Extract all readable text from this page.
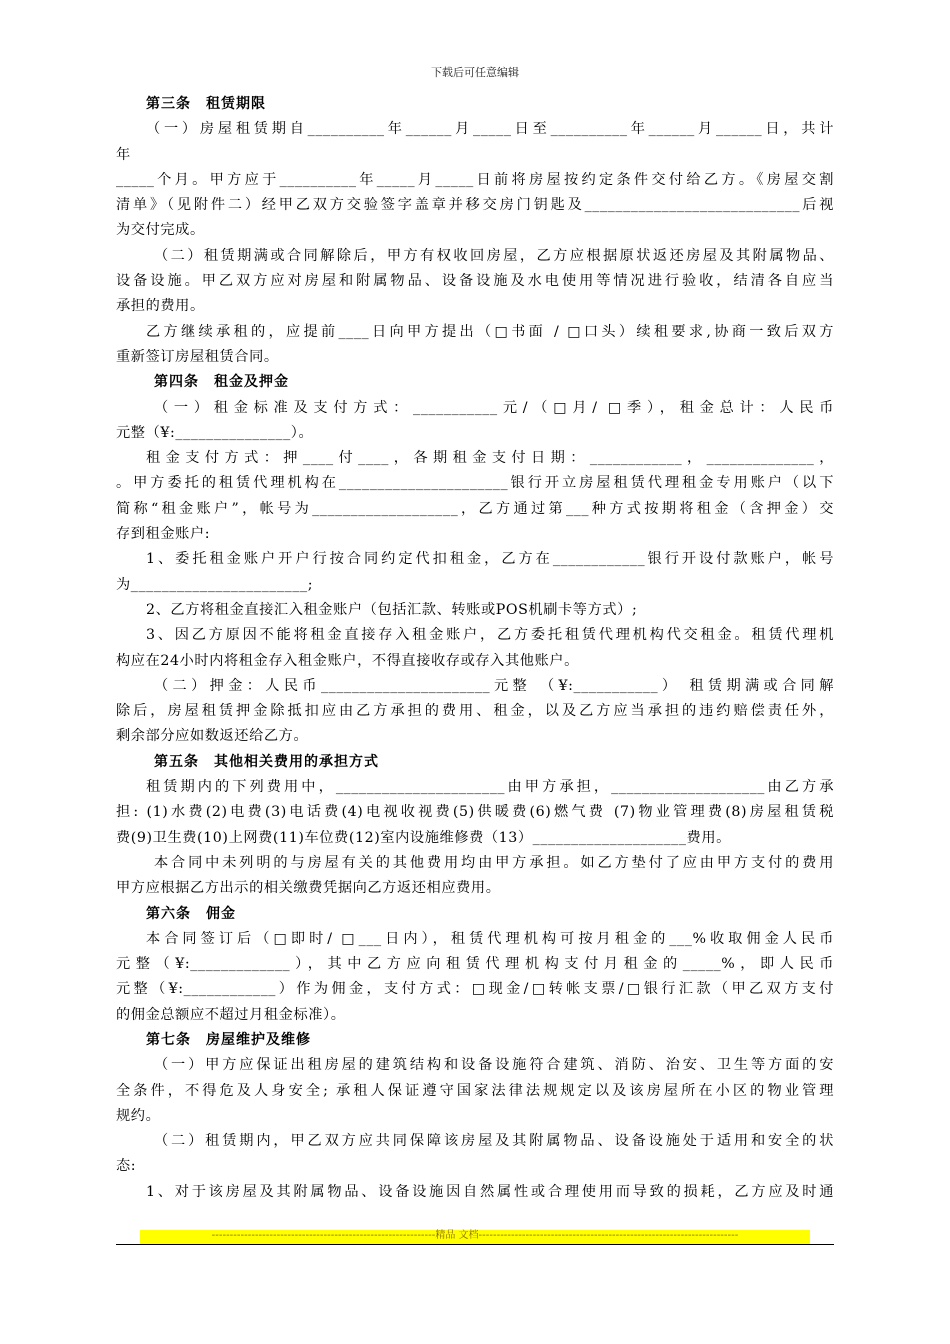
下载后可任意编辑
第三条　租赁期限
（一）房屋租赁期自__________年______月_____日至__________年______月______日，共计
年
_____个月。甲方应于__________年_____月_____日前将房屋按约定条件交付给乙方。《房屋交割
清单》（见附件二）经甲乙双方交验签字盖章并移交房门钥匙及____________________________后视
为交付完成。
（二）租赁期满或合同解除后，甲方有权收回房屋，乙方应根据原状返还房屋及其附属物品、
设备设施。甲乙双方应对房屋和附属物品、设备设施及水电使用等情况进行验收，结清各自应当
承担的费用。
乙方继续承租的，应提前____日向甲方提出（□书面 / □口头）续租要求,协商一致后双方
重新签订房屋租赁合同。
第四条　租金及押金
（一）租金标准及支付方式：___________元/（□月/ □季），租金总计：人民币
元整（¥:_______________）。
租金支付方式：押____付____，各期租金支付日期：____________，______________，
。甲方委托的租赁代理机构在______________________银行开立房屋租赁代理租金专用账户（以下
简称“租金账户”，帐号为___________________，乙方通过第___种方式按期将租金（含押金）交
存到租金账户:
1、委托租金账户开户行按合同约定代扣租金，乙方在____________银行开设付款账户，帐号
为_______________________;
2、乙方将租金直接汇入租金账户（包括汇款、转账或POS机刷卡等方式）;
3、因乙方原因不能将租金直接存入租金账户，乙方委托租赁代理机构代交租金。租赁代理机
构应在24小时内将租金存入租金账户，不得直接收存或存入其他账户。
（二）押金：人民币______________________元整 （¥:___________） 租赁期满或合同解
除后，房屋租赁押金除抵扣应由乙方承担的费用、租金，以及乙方应当承担的违约赔偿责任外，
剩余部分应如数返还给乙方。
第五条　其他相关费用的承担方式
租赁期内的下列费用中，______________________由甲方承担，____________________由乙方承
担: (1)水费(2)电费(3)电话费(4)电视收视费(5)供暖费(6)燃气费 (7)物业管理费(8)房屋租赁税
费(9)卫生费(10)上网费(11)车位费(12)室内设施维修费（13）____________________费用。
本合同中未列明的与房屋有关的其他费用均由甲方承担。如乙方垫付了应由甲方支付的费用
甲方应根据乙方出示的相关缴费凭据向乙方返还相应费用。
第六条　佣金
本合同签订后（□即时/ □___日内），租赁代理机构可按月租金的___%收取佣金人民币
元整（¥:_____________），其中乙方应向租赁代理机构支付月租金的_____%，即人民币
元整（¥:____________）作为佣金，支付方式：□现金/□转帐支票/□银行汇款（甲乙双方支付
的佣金总额应不超过月租金标准）。
第七条　房屋维护及维修
（一）甲方应保证出租房屋的建筑结构和设备设施符合建筑、消防、治安、卫生等方面的安
全条件，不得危及人身安全; 承租人保证遵守国家法律法规规定以及该房屋所在小区的物业管理
规约。
（二）租赁期内，甲乙双方应共同保障该房屋及其附属物品、设备设施处于适用和安全的状
态:
1、对于该房屋及其附属物品、设备设施因自然属性或合理使用而导致的损耗，乙方应及时通
--------------------------------------------------------------精品 文档------------------------------------------------------------------------
